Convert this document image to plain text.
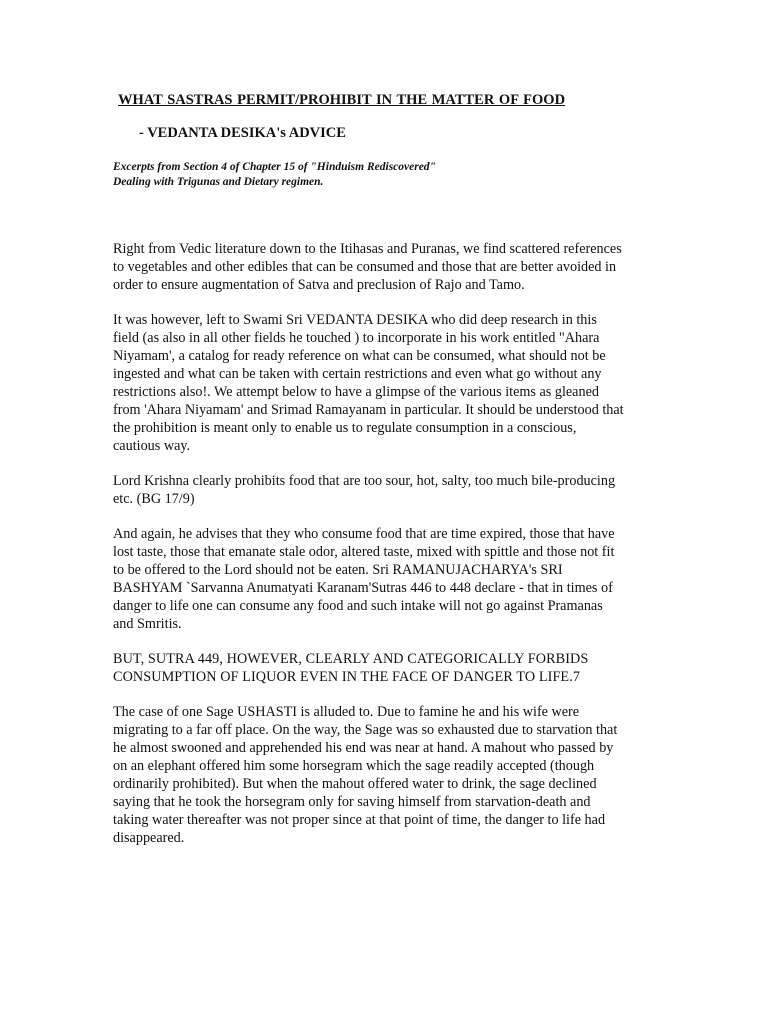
WHAT SASTRAS PERMIT/PROHIBIT IN THE MATTER OF FOOD
- VEDANTA DESIKA's ADVICE
Excerpts from Section 4 of Chapter 15 of "Hinduism Rediscovered"
Dealing with Trigunas and Dietary regimen.

Right from Vedic literature down to the Itihasas and Puranas, we find scattered references
to vegetables and other edibles that can be consumed and those that are better avoided in
order to ensure augmentation of Satva and preclusion of Rajo and Tamo.

It was however, left to Swami Sri VEDANTA DESIKA who did deep research in this
field (as also in all other fields he touched ) to incorporate in his work entitled "Ahara
Niyamam', a catalog for ready reference on what can be consumed, what should not be
ingested and what can be taken with certain restrictions and even what go without any
restrictions also!. We attempt below to have a glimpse of the various items as gleaned
from 'Ahara Niyamam' and Srimad Ramayanam in particular. It should be understood that
the prohibition is meant only to enable us to regulate consumption in a conscious,
cautious way.

Lord Krishna clearly prohibits food that are too sour, hot, salty, too much bile-producing
etc. (BG 17/9)

And again, he advises that they who consume food that are time expired, those that have
lost taste, those that emanate stale odor, altered taste, mixed with spittle and those not fit
to be offered to the Lord should not be eaten. Sri RAMANUJACHARYA's SRI
BASHYAM `Sarvanna Anumatyati Karanam'Sutras 446 to 448 declare - that in times of
danger to life one can consume any food and such intake will not go against Pramanas
and Smritis.

BUT, SUTRA 449, HOWEVER, CLEARLY AND CATEGORICALLY FORBIDS
CONSUMPTION OF LIQUOR EVEN IN THE FACE OF DANGER TO LIFE.7

The case of one Sage USHASTI is alluded to. Due to famine he and his wife were
migrating to a far off place. On the way, the Sage was so exhausted due to starvation that
he almost swooned and apprehended his end was near at hand. A mahout who passed by
on an elephant offered him some horsegram which the sage readily accepted (though
ordinarily prohibited). But when the mahout offered water to drink, the sage declined
saying that he took the horsegram only for saving himself from starvation-death and
taking water thereafter was not proper since at that point of time, the danger to life had
disappeared.
